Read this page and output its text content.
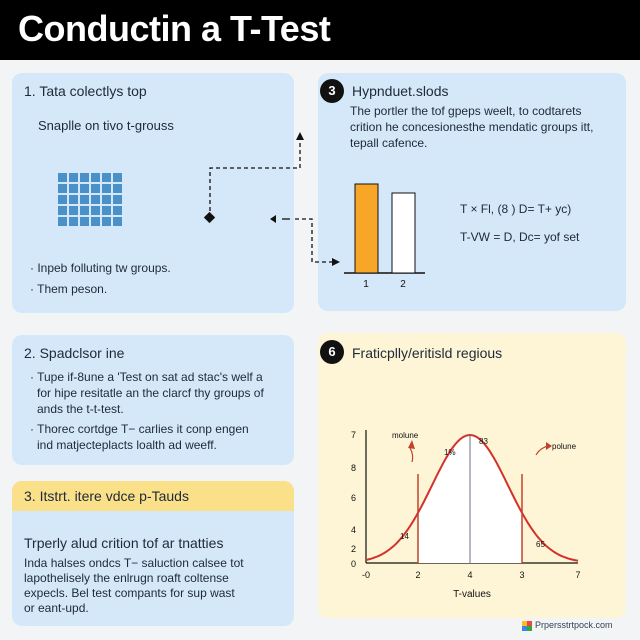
Conductin a T-Test
1. Tata colectlys top
Snaplle on tivo t-grouss
· Inpeb folluting tw groups.
· Them peson.
3	Hypnduet.slods
The portler the tof gpeps weelt, to codtarets
crition he concesionesthe mendatic groups itt,
tepall cafence.
T × Fl, (8 ) D= T+ yc)
T-VW = D, Dc= yof set
2. Spadclsor ine
· Tupe if-8une a 'Test on sat ad stac's welf a
for hipe resitatle an the clarcf thy groups of
ands the t-t-test.
· Thorec cortdge T− carlies it conp engen
ind matjecteplacts loalth ad weeff.
3. Itstrt. itere vdce p-Tauds
Trperly alud crition tof ar tnatties
Inda halses ondcs T− saluction calsee tot
lapothelisely the enlrugn roaft coltense
expecls. Bel test compants for sup wast
or eant-upd.
6	Fraticplly/eritisld regious
1	2
7
8
6
4
2
0
-0	2	4	3	7
T-values
molune
polune
1%
83
14
65
Prpersstrtpock.com
